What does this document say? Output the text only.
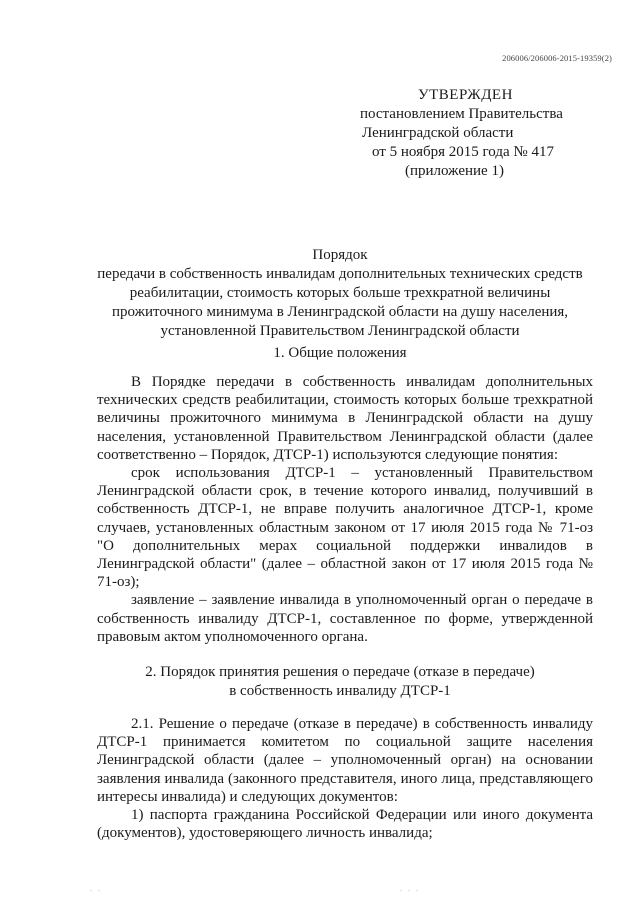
206006/206006-2015-19359(2)
УТВЕРЖДЕН
постановлением Правительства
Ленинградской области
от 5 ноября 2015 года № 417
(приложение 1)
Порядок
передачи в собственность инвалидам дополнительных технических средств
реабилитации, стоимость которых больше трехкратной величины
прожиточного минимума в Ленинградской области на душу населения,
установленной Правительством Ленинградской области
1. Общие положения

В Порядке передачи в собственность инвалидам дополнительных технических средств реабилитации, стоимость которых больше трехкратной величины прожиточного минимума в Ленинградской области на душу населения, установленной Правительством Ленинградской области (далее соответственно – Порядок, ДТСР-1) используются следующие понятия:

срок использования ДТСР-1 – установленный Правительством Ленинградской области срок, в течение которого инвалид, получивший в собственность ДТСР-1, не вправе получить аналогичное ДТСР-1, кроме случаев, установленных областным законом от 17 июля 2015 года № 71-оз "О дополнительных мерах социальной поддержки инвалидов в Ленинградской области" (далее – областной закон от 17 июля 2015 года № 71-оз);

заявление – заявление инвалида в уполномоченный орган о передаче в собственность инвалиду ДТСР-1, составленное по форме, утвержденной правовым актом уполномоченного органа.

2. Порядок принятия решения о передаче (отказе в передаче)
в собственность инвалиду ДТСР-1

2.1. Решение о передаче (отказе в передаче) в собственность инвалиду ДТСР-1 принимается комитетом по социальной защите населения Ленинградской области (далее – уполномоченный орган) на основании заявления инвалида (законного представителя, иного лица, представляющего интересы инвалида) и следующих документов:

1) паспорта гражданина Российской Федерации или иного документа (документов), удостоверяющего личность инвалида;

. .	. . .
